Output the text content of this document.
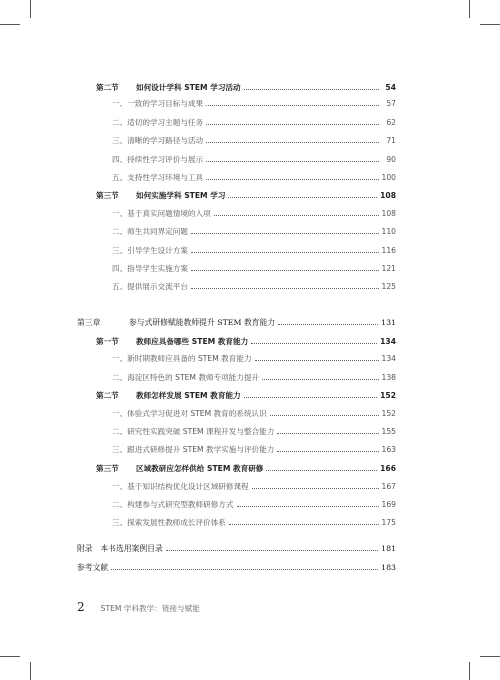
第二节	如何设计学科 STEM 学习活动	54
一、一致的学习目标与成果	57
二、适切的学习主题与任务	62
三、清晰的学习路径与活动	71
四、持续性学习评价与展示	90
五、支持性学习环境与工具	100
第三节	如何实施学科 STEM 学习	108
一、基于真实问题情境的入项	108
二、师生共同界定问题	110
三、引导学生设计方案	116
四、指导学生实施方案	121
五、提供展示交流平台	125
第三章	参与式研修赋能教师提升 STEM 教育能力	131
第一节	教师应具备哪些 STEM 教育能力	134
一、新时期教师应具备的 STEM 教育能力	134
二、海淀区特色的 STEM 教师专项能力提升	138
第二节	教师怎样发展 STEM 教育能力	152
一、体验式学习促进对 STEM 教育的系统认识	152
二、研究性实践突破 STEM 课程开发与整合能力	155
三、跟进式研修提升 STEM 教学实施与评价能力	163
第三节	区域教研应怎样供给 STEM 教育研修	166
一、基于知识结构优化设计区域研修课程	167
二、构建参与式研究型教师研修方式	169
三、探索发展性教师成长评价体系	175
附录　本书选用案例目录	181
参考文献	183
2 STEM 学科教学：链接与赋能
